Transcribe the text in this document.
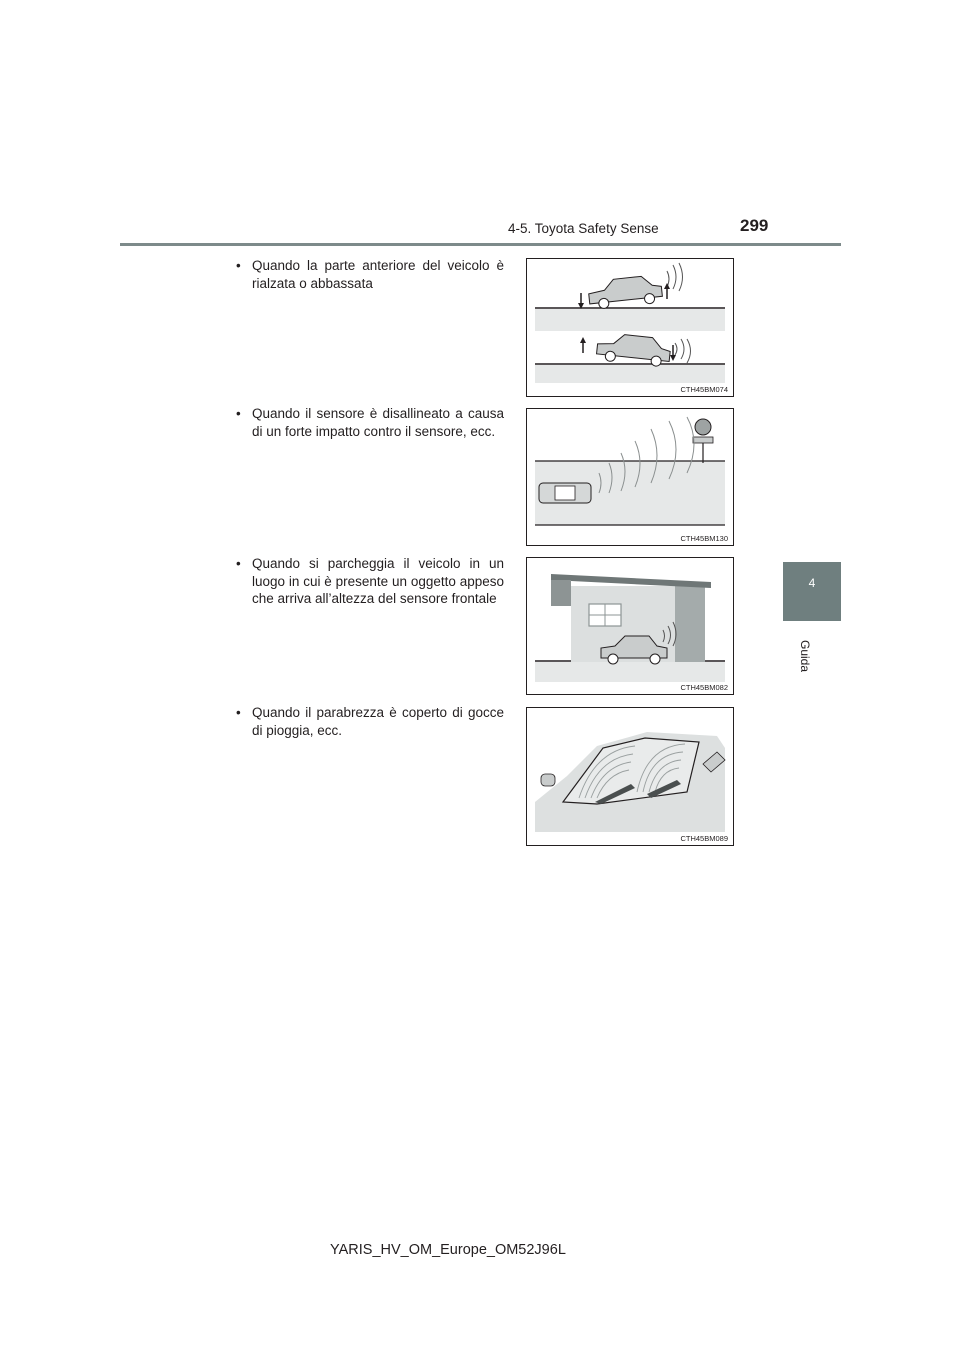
4-5. Toyota Safety Sense	299
4
Guida
• Quando la parte anteriore del veicolo è rialzata o abbassata
CTH45BM074
• Quando il sensore è disallineato a causa di un forte impatto contro il sensore, ecc.
CTH45BM130
• Quando si parcheggia il veicolo in un luogo in cui è presente un oggetto appeso che arriva all’altezza del sensore frontale
CTH45BM082
• Quando il parabrezza è coperto di gocce di pioggia, ecc.
CTH45BM089
YARIS_HV_OM_Europe_OM52J96L
